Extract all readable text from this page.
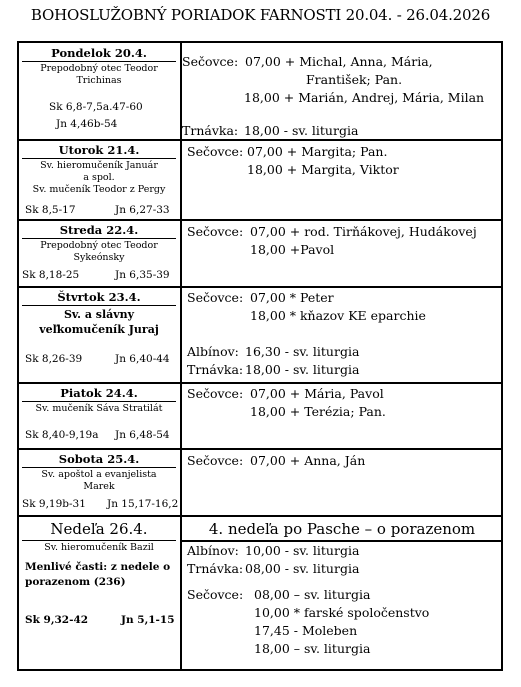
BOHOSLUŽOBNÝ PORIADOK FARNOSTI 20.04. - 26.04.2026
Pondelok 20.4.
Prepodobný otec Teodor
Trichinas
Sk 6,8-7,5a.47-60
Jn 4,46b-54
Sečovce: 07,00 + Michal, Anna, Mária,
František; Pan.
18,00 + Marián, Andrej, Mária, Milan
Trnávka: 18,00 - sv. liturgia
Utorok 21.4.
Sv. hieromučeník Január
a spol.
Sv. mučeník Teodor z Pergy
Sk 8,5-17	Jn 6,27-33
Sečovce: 07,00 + Margita; Pan.
18,00 + Margita, Viktor
Streda 22.4.
Prepodobný otec Teodor
Sykeónsky
Sk 8,18-25	Jn 6,35-39
Sečovce: 07,00 + rod. Tirňákovej, Hudákovej
18,00 +Pavol
Štvrtok 23.4.
Sv. a slávny
veľkomučeník Juraj
Sk 8,26-39	Jn 6,40-44
Sečovce: 07,00 * Peter
18,00 * kňazov KE eparchie
Albínov: 16,30 - sv. liturgia
Trnávka: 18,00 - sv. liturgia
Piatok 24.4.
Sv. mučeník Sáva Stratilát
Sk 8,40-9,19a Jn 6,48-54
Sečovce: 07,00 + Mária, Pavol
18,00 + Terézia; Pan.
Sobota 25.4.
Sv. apoštol a evanjelista
Marek
Sk 9,19b-31 Jn 15,17-16,2
Sečovce: 07,00 + Anna, Ján
Nedeľa 26.4.
Sv. hieromučeník Bazil
Menlivé časti: z nedele o porazenom (236)
Sk 9,32-42	Jn 5,1-15
4. nedeľa po Pasche – o porazenom
Albínov: 10,00 - sv. liturgia
Trnávka: 08,00 - sv. liturgia
Sečovce: 08,00 – sv. liturgia
10,00 * farské spoločenstvo
17,45 - Moleben
18,00 – sv. liturgia
